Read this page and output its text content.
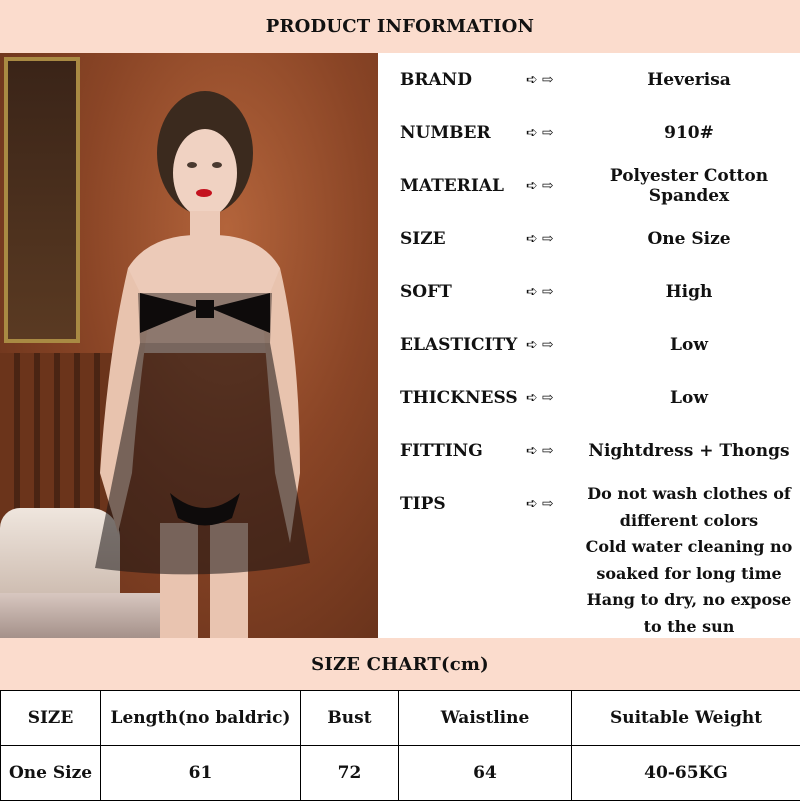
PRODUCT INFORMATION
BRAND	➪⇨	Heverisa
NUMBER	➪⇨	910#
MATERIAL ➪⇨	Polyester Cotton Spandex
SIZE	➪⇨	One Size
SOFT	➪⇨	High
ELASTICITY ➪⇨	Low
THICKNESS ➪⇨	Low
FITTING	➪⇨	Nightdress + Thongs
TIPS	➪⇨
Do not wash clothes of different colors
Cold water cleaning no soaked for long time
Hang to dry, no expose to the sun
SIZE CHART(cm)
SIZE	Length(no baldric)	Bust	Waistline	Suitable Weight
One Size	61	72	64	40-65KG
